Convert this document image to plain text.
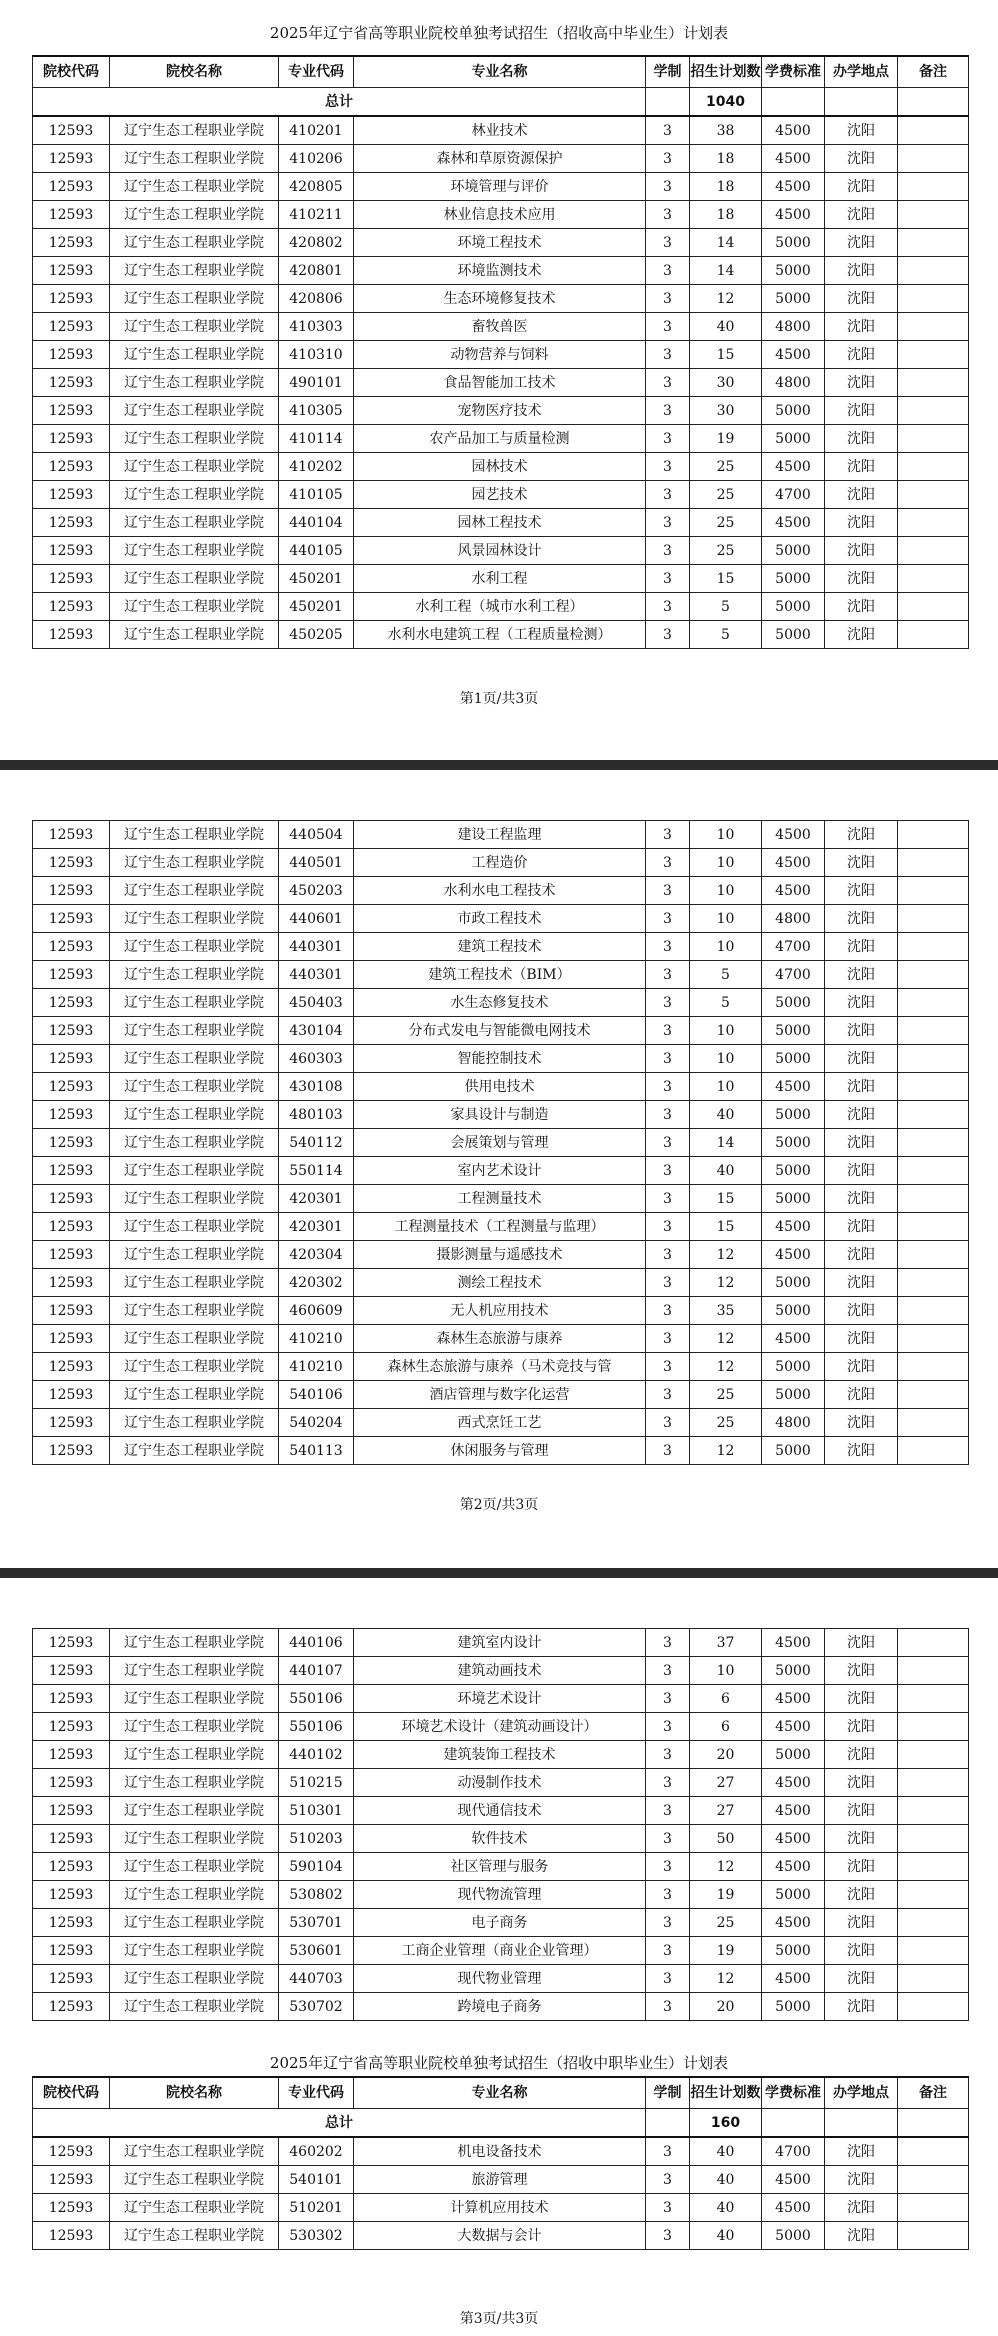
2025年辽宁省高等职业院校单独考试招生（招收高中毕业生）计划表
院校代码	院校名称	专业代码	专业名称	学制	招生计划数	学费标准	办学地点	备注
总计					1040			
12593	辽宁生态工程职业学院	410201	林业技术	3	38	4500	沈阳	
12593	辽宁生态工程职业学院	410206	森林和草原资源保护	3	18	4500	沈阳	
12593	辽宁生态工程职业学院	420805	环境管理与评价	3	18	4500	沈阳	
12593	辽宁生态工程职业学院	410211	林业信息技术应用	3	18	4500	沈阳	
12593	辽宁生态工程职业学院	420802	环境工程技术	3	14	5000	沈阳	
12593	辽宁生态工程职业学院	420801	环境监测技术	3	14	5000	沈阳	
12593	辽宁生态工程职业学院	420806	生态环境修复技术	3	12	5000	沈阳	
12593	辽宁生态工程职业学院	410303	畜牧兽医	3	40	4800	沈阳	
12593	辽宁生态工程职业学院	410310	动物营养与饲料	3	15	4500	沈阳	
12593	辽宁生态工程职业学院	490101	食品智能加工技术	3	30	4800	沈阳	
12593	辽宁生态工程职业学院	410305	宠物医疗技术	3	30	5000	沈阳	
12593	辽宁生态工程职业学院	410114	农产品加工与质量检测	3	19	5000	沈阳	
12593	辽宁生态工程职业学院	410202	园林技术	3	25	4500	沈阳	
12593	辽宁生态工程职业学院	410105	园艺技术	3	25	4700	沈阳	
12593	辽宁生态工程职业学院	440104	园林工程技术	3	25	4500	沈阳	
12593	辽宁生态工程职业学院	440105	风景园林设计	3	25	5000	沈阳	
12593	辽宁生态工程职业学院	450201	水利工程	3	15	5000	沈阳	
12593	辽宁生态工程职业学院	450201	水利工程（城市水利工程）	3	5	5000	沈阳	
12593	辽宁生态工程职业学院	450205	水利水电建筑工程（工程质量检测）	3	5	5000	沈阳	
第1页/共3页
12593	辽宁生态工程职业学院	440504	建设工程监理	3	10	4500	沈阳	
12593	辽宁生态工程职业学院	440501	工程造价	3	10	4500	沈阳	
12593	辽宁生态工程职业学院	450203	水利水电工程技术	3	10	4500	沈阳	
12593	辽宁生态工程职业学院	440601	市政工程技术	3	10	4800	沈阳	
12593	辽宁生态工程职业学院	440301	建筑工程技术	3	10	4700	沈阳	
12593	辽宁生态工程职业学院	440301	建筑工程技术（BIM）	3	5	4700	沈阳	
12593	辽宁生态工程职业学院	450403	水生态修复技术	3	5	5000	沈阳	
12593	辽宁生态工程职业学院	430104	分布式发电与智能微电网技术	3	10	5000	沈阳	
12593	辽宁生态工程职业学院	460303	智能控制技术	3	10	5000	沈阳	
12593	辽宁生态工程职业学院	430108	供用电技术	3	10	4500	沈阳	
12593	辽宁生态工程职业学院	480103	家具设计与制造	3	40	5000	沈阳	
12593	辽宁生态工程职业学院	540112	会展策划与管理	3	14	5000	沈阳	
12593	辽宁生态工程职业学院	550114	室内艺术设计	3	40	5000	沈阳	
12593	辽宁生态工程职业学院	420301	工程测量技术	3	15	5000	沈阳	
12593	辽宁生态工程职业学院	420301	工程测量技术（工程测量与监理）	3	15	4500	沈阳	
12593	辽宁生态工程职业学院	420304	摄影测量与遥感技术	3	12	4500	沈阳	
12593	辽宁生态工程职业学院	420302	测绘工程技术	3	12	5000	沈阳	
12593	辽宁生态工程职业学院	460609	无人机应用技术	3	35	5000	沈阳	
12593	辽宁生态工程职业学院	410210	森林生态旅游与康养	3	12	4500	沈阳	
12593	辽宁生态工程职业学院	410210	森林生态旅游与康养（马术竞技与管	3	12	5000	沈阳	
12593	辽宁生态工程职业学院	540106	酒店管理与数字化运营	3	25	5000	沈阳	
12593	辽宁生态工程职业学院	540204	西式烹饪工艺	3	25	4800	沈阳	
12593	辽宁生态工程职业学院	540113	休闲服务与管理	3	12	5000	沈阳	
第2页/共3页
12593	辽宁生态工程职业学院	440106	建筑室内设计	3	37	4500	沈阳	
12593	辽宁生态工程职业学院	440107	建筑动画技术	3	10	5000	沈阳	
12593	辽宁生态工程职业学院	550106	环境艺术设计	3	6	4500	沈阳	
12593	辽宁生态工程职业学院	550106	环境艺术设计（建筑动画设计）	3	6	4500	沈阳	
12593	辽宁生态工程职业学院	440102	建筑装饰工程技术	3	20	5000	沈阳	
12593	辽宁生态工程职业学院	510215	动漫制作技术	3	27	4500	沈阳	
12593	辽宁生态工程职业学院	510301	现代通信技术	3	27	4500	沈阳	
12593	辽宁生态工程职业学院	510203	软件技术	3	50	4500	沈阳	
12593	辽宁生态工程职业学院	590104	社区管理与服务	3	12	4500	沈阳	
12593	辽宁生态工程职业学院	530802	现代物流管理	3	19	5000	沈阳	
12593	辽宁生态工程职业学院	530701	电子商务	3	25	4500	沈阳	
12593	辽宁生态工程职业学院	530601	工商企业管理（商业企业管理）	3	19	5000	沈阳	
12593	辽宁生态工程职业学院	440703	现代物业管理	3	12	4500	沈阳	
12593	辽宁生态工程职业学院	530702	跨境电子商务	3	20	5000	沈阳	
2025年辽宁省高等职业院校单独考试招生（招收中职毕业生）计划表
院校代码	院校名称	专业代码	专业名称	学制	招生计划数	学费标准	办学地点	备注
总计					160			
12593	辽宁生态工程职业学院	460202	机电设备技术	3	40	4700	沈阳	
12593	辽宁生态工程职业学院	540101	旅游管理	3	40	4500	沈阳	
12593	辽宁生态工程职业学院	510201	计算机应用技术	3	40	4500	沈阳	
12593	辽宁生态工程职业学院	530302	大数据与会计	3	40	5000	沈阳	
第3页/共3页
